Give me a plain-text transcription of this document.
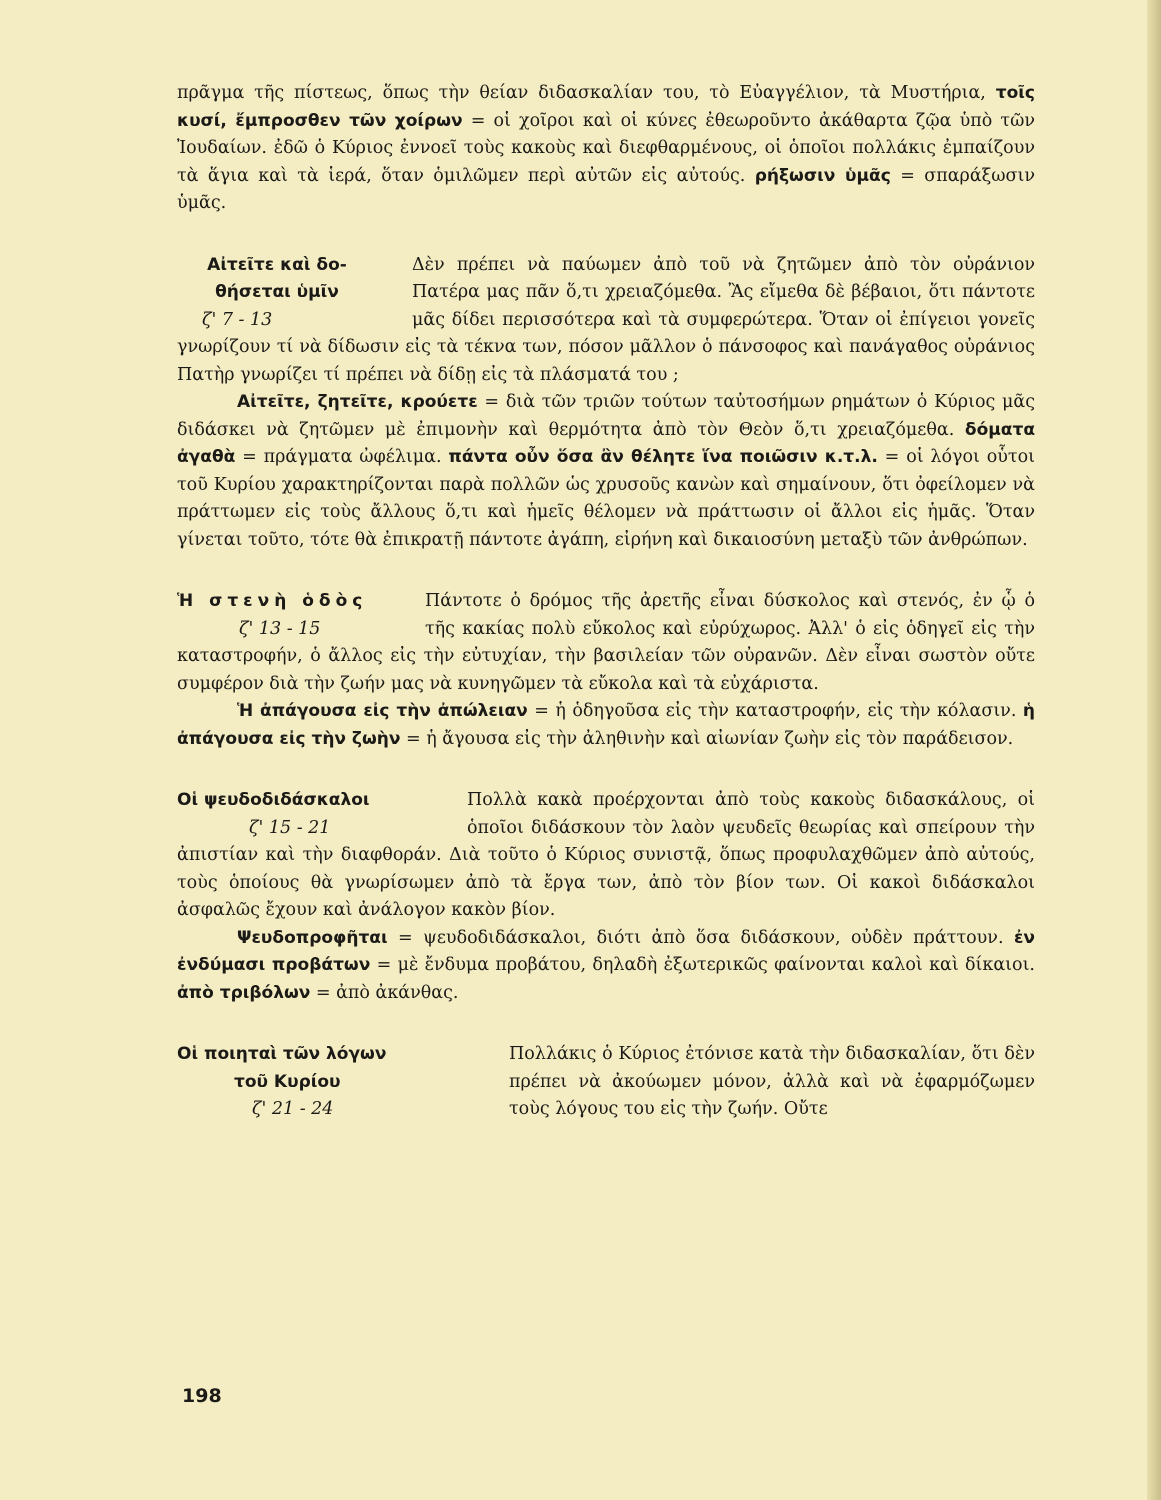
πρᾶγμα τῆς πίστεως, ὅπως τὴν θείαν διδασκαλίαν του, τὸ Εὐαγγέλιον, τὰ Μυστήρια, τοῖς κυσί, ἔμπροσθεν τῶν χοίρων = οἱ χοῖροι καὶ οἱ κύνες ἐθεωροῦντο ἀκάθαρτα ζῷα ὑπὸ τῶν Ἰουδαίων. ἐδῶ ὁ Κύριος ἐννοεῖ τοὺς κακοὺς καὶ διεφθαρμένους, οἱ ὁποῖοι πολλάκις ἐμπαίζουν τὰ ἅγια καὶ τὰ ἱερά, ὅταν ὁμιλῶμεν περὶ αὐτῶν εἰς αὐτούς. ρήξωσιν ὑμᾶς = σπαράξωσιν ὑμᾶς.

Αἰτεῖτε καὶ δο-
θήσεται ὑμῖν
ζ' 7 - 13

Δὲν πρέπει νὰ παύωμεν ἀπὸ τοῦ νὰ ζητῶμεν ἀπὸ τὸν οὐράνιον Πατέρα μας πᾶν ὅ,τι χρειαζόμεθα. Ἂς εἴμεθα δὲ βέβαιοι, ὅτι πάντοτε μᾶς δίδει περισσότερα καὶ τὰ συμφερώτερα. Ὅταν οἱ ἐπίγειοι γονεῖς γνωρίζουν τί νὰ δίδωσιν εἰς τὰ τέκνα των, πόσον μᾶλλον ὁ πάνσοφος καὶ πανάγαθος οὐράνιος Πατὴρ γνωρίζει τί πρέπει νὰ δίδῃ εἰς τὰ πλάσματά του ;

Αἰτεῖτε, ζητεῖτε, κρούετε = διὰ τῶν τριῶν τούτων ταὐτοσήμων ρημάτων ὁ Κύριος μᾶς διδάσκει νὰ ζητῶμεν μὲ ἐπιμονὴν καὶ θερμότητα ἀπὸ τὸν Θεὸν ὅ,τι χρειαζόμεθα. δόματα ἀγαθὰ = πράγματα ὠφέλιμα. πάντα οὖν ὅσα ἂν θέλητε ἵνα ποιῶσιν κ.τ.λ. = οἱ λόγοι οὗτοι τοῦ Κυρίου χαρακτηρίζονται παρὰ πολλῶν ὡς χρυσοῦς κανὼν καὶ σημαίνουν, ὅτι ὀφείλομεν νὰ πράττωμεν εἰς τοὺς ἄλλους ὅ,τι καὶ ἡμεῖς θέλομεν νὰ πράττωσιν οἱ ἄλλοι εἰς ἡμᾶς. Ὅταν γίνεται τοῦτο, τότε θὰ ἐπικρατῇ πάντοτε ἀγάπη, εἰρήνη καὶ δικαιοσύνη μεταξὺ τῶν ἀνθρώπων.

Ἡ στενὴ ὁδὸς
ζ' 13 - 15

Πάντοτε ὁ δρόμος τῆς ἀρετῆς εἶναι δύσκολος καὶ στενός, ἐν ᾧ ὁ τῆς κακίας πολὺ εὔκολος καὶ εὐρύχωρος. Ἀλλ' ὁ εἰς ὁδηγεῖ εἰς τὴν καταστροφήν, ὁ ἄλλος εἰς τὴν εὐτυχίαν, τὴν βασιλείαν τῶν οὐρανῶν. Δὲν εἶναι σωστὸν οὔτε συμφέρον διὰ τὴν ζωήν μας νὰ κυνηγῶμεν τὰ εὔκολα καὶ τὰ εὐχάριστα.

Ἡ ἀπάγουσα εἰς τὴν ἀπώλειαν = ἡ ὁδηγοῦσα εἰς τὴν καταστροφήν, εἰς τὴν κόλασιν. ἡ ἀπάγουσα εἰς τὴν ζωὴν = ἡ ἄγουσα εἰς τὴν ἀληθινὴν καὶ αἰωνίαν ζωὴν εἰς τὸν παράδεισον.

Οἱ ψευδοδιδάσκαλοι
ζ' 15 - 21

Πολλὰ κακὰ προέρχονται ἀπὸ τοὺς κακοὺς διδασκάλους, οἱ ὁποῖοι διδάσκουν τὸν λαὸν ψευδεῖς θεωρίας καὶ σπείρουν τὴν ἀπιστίαν καὶ τὴν διαφθοράν. Διὰ τοῦτο ὁ Κύριος συνιστᾷ, ὅπως προφυλαχθῶμεν ἀπὸ αὐτούς, τοὺς ὁποίους θὰ γνωρίσωμεν ἀπὸ τὰ ἔργα των, ἀπὸ τὸν βίον των. Οἱ κακοὶ διδάσκαλοι ἀσφαλῶς ἔχουν καὶ ἀνάλογον κακὸν βίον.

Ψευδοπροφῆται = ψευδοδιδάσκαλοι, διότι ἀπὸ ὅσα διδάσκουν, οὐδὲν πράττουν. ἐν ἐνδύμασι προβάτων = μὲ ἔνδυμα προβάτου, δηλαδὴ ἐξωτερικῶς φαίνονται καλοὶ καὶ δίκαιοι. ἀπὸ τριβόλων = ἀπὸ ἀκάνθας.

Οἱ ποιηταὶ τῶν λόγων
τοῦ Κυρίου
ζ' 21 - 24

Πολλάκις ὁ Κύριος ἐτόνισε κατὰ τὴν διδασκαλίαν, ὅτι δὲν πρέπει νὰ ἀκούωμεν μόνον, ἀλλὰ καὶ νὰ ἐφαρμόζωμεν τοὺς λόγους του εἰς τὴν ζωήν. Οὔτε

198
